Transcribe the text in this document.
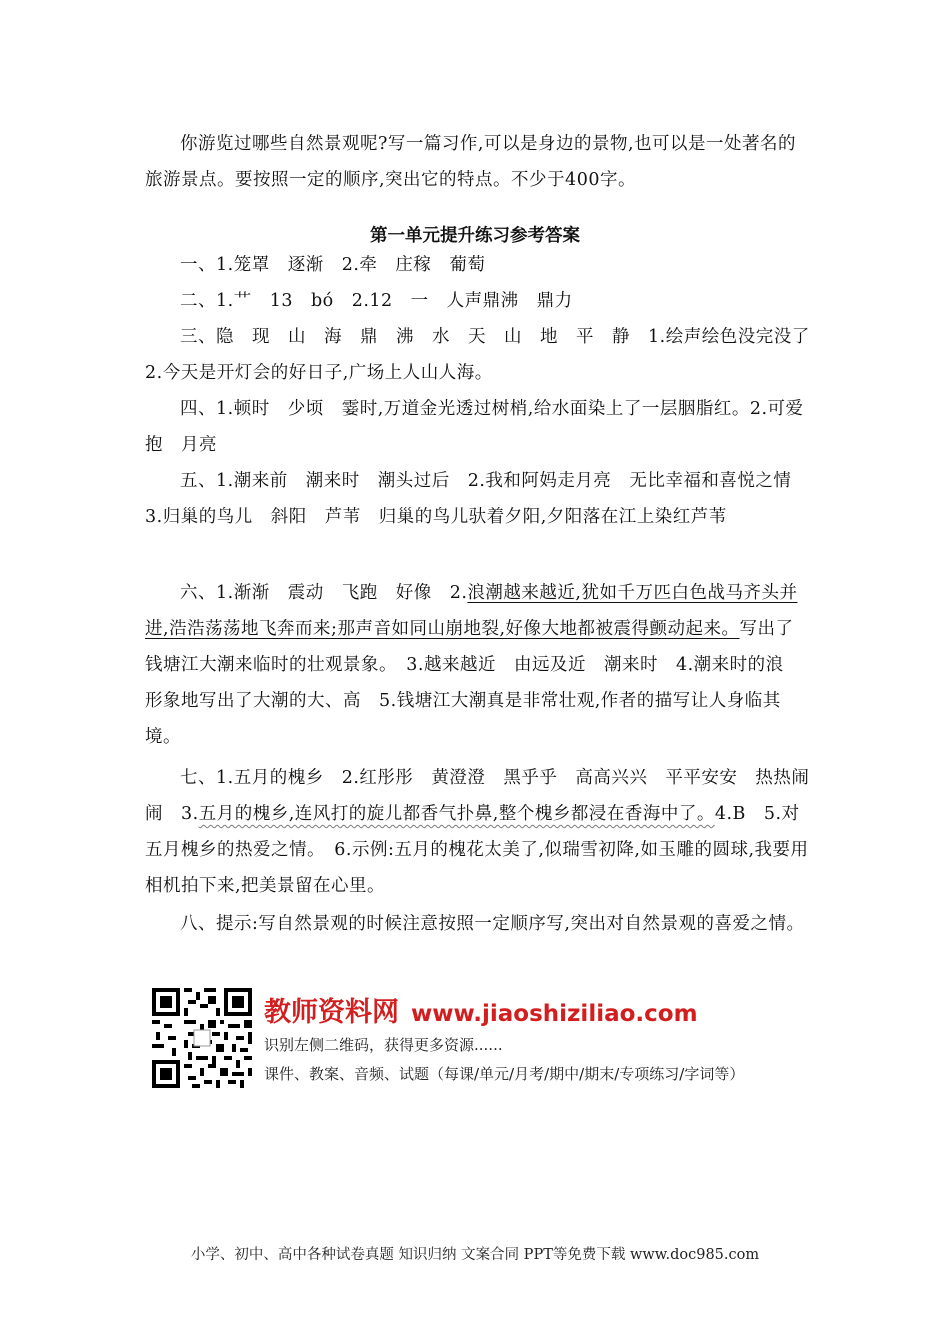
你游览过哪些自然景观呢?写一篇习作,可以是身边的景物,也可以是一处著名的旅游景点。要按照一定的顺序,突出它的特点。不少于400字。

第一单元提升练习参考答案

一、1.笼罩　逐渐　2.牵　庄稼　葡萄

二、1.艹　13　bó　2.12　一　人声鼎沸　鼎力

三、隐　现　山　海　鼎　沸　水　天　山　地　平　静　1.绘声绘色没完没了　2.今天是开灯会的好日子,广场上人山人海。

四、1.顿时　少顷　霎时,万道金光透过树梢,给水面染上了一层胭脂红。2.可爱　抱　月亮

五、1.潮来前　潮来时　潮头过后　2.我和阿妈走月亮　无比幸福和喜悦之情　3.归巢的鸟儿　斜阳　芦苇　归巢的鸟儿驮着夕阳,夕阳落在江上染红芦苇

六、1.渐渐　震动　飞跑　好像　2.浪潮越来越近,犹如千万匹白色战马齐头并进,浩浩荡荡地飞奔而来;那声音如同山崩地裂,好像大地都被震得颤动起来。写出了钱塘江大潮来临时的壮观景象。　3.越来越近　由远及近　潮来时　4.潮来时的浪　形象地写出了大潮的大、高　5.钱塘江大潮真是非常壮观,作者的描写让人身临其境。

七、1.五月的槐乡　2.红彤彤　黄澄澄　黑乎乎　高高兴兴　平平安安　热热闹闹　3.五月的槐乡,连风打的旋儿都香气扑鼻,整个槐乡都浸在香海中了。4.B　5.对五月槐乡的热爱之情。　6.示例:五月的槐花太美了,似瑞雪初降,如玉雕的圆球,我要用相机拍下来,把美景留在心里。

八、提示:写自然景观的时候注意按照一定顺序写,突出对自然景观的喜爱之情。

教师资料网 www.jiaoshiziliao.com
识别左侧二维码，获得更多资源......
课件、教案、音频、试题（每课/单元/月考/期中/期末/专项练习/字词等）
小学、初中、高中各种试卷真题 知识归纳 文案合同 PPT等免费下载 www.doc985.com
